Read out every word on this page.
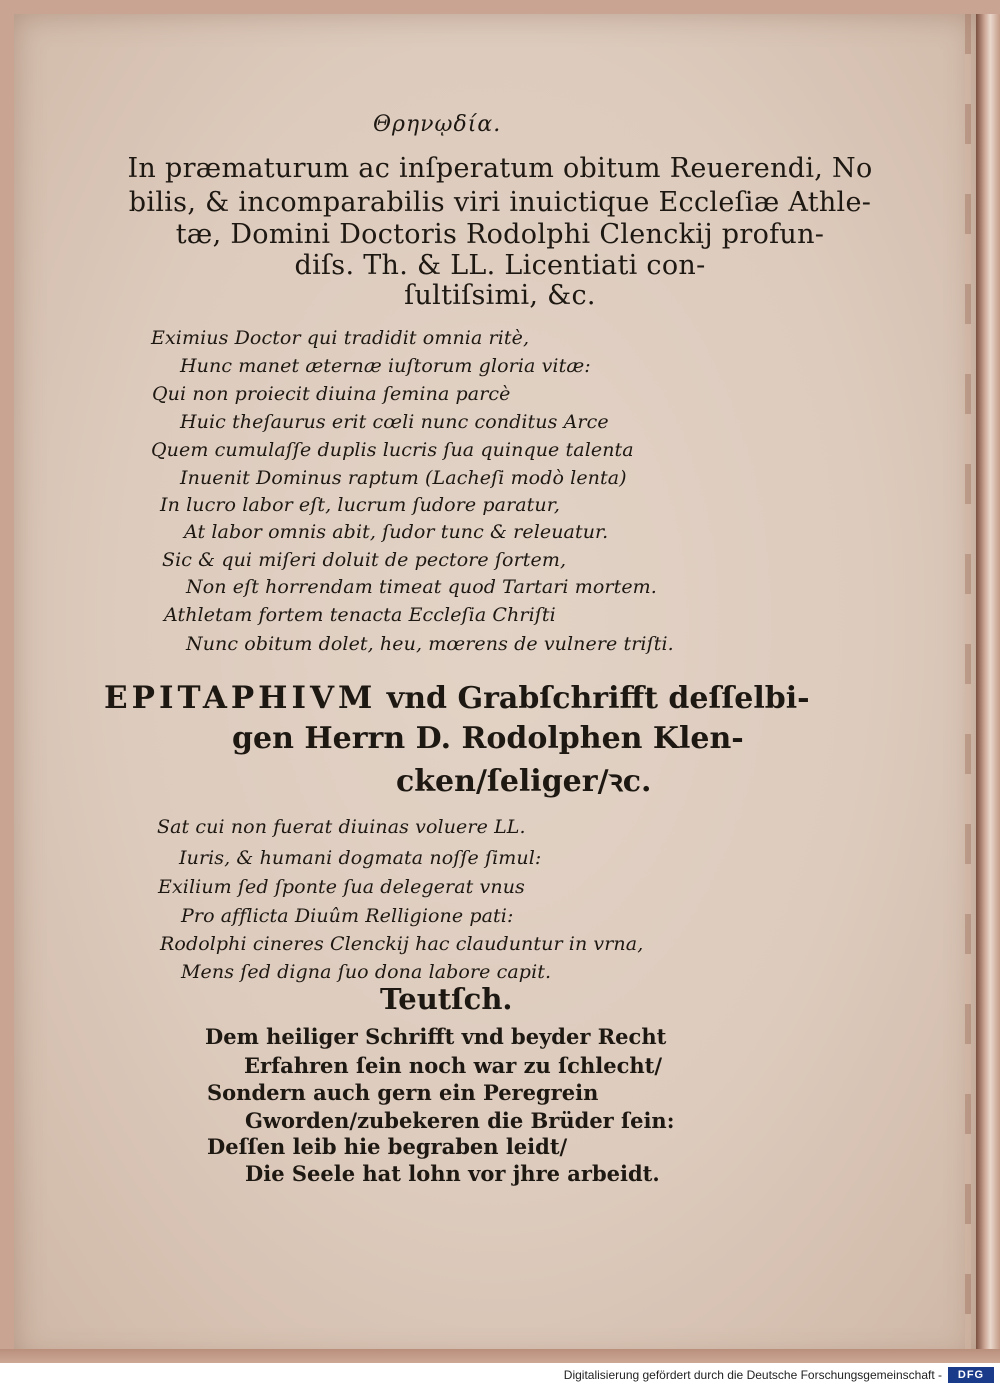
Θρηνῳδία.
In præmaturum ac inſperatum obitum Reuerendi, No
bilis, & incomparabilis viri inuictique Eccleſiæ Athle-
tæ, Domini Doctoris Rodolphi Clenckij profun-
diſs. Th. & LL. Licentiati con-
ſultiſsimi, &c.
Eximius Doctor qui tradidit omnia ritè,
Hunc manet æternæ iuſtorum gloria vitæ:
Qui non proiecit diuina ſemina parcè
Huic theſaurus erit cœli nunc conditus Arce
Quem cumulaſſe duplis lucris ſua quinque talenta
Inuenit Dominus raptum (Lacheſi modò lenta)
In lucro labor eſt, lucrum ſudore paratur,
At labor omnis abit, ſudor tunc & releuatur.
Sic & qui miſeri doluit de pectore ſortem,
Non eſt horrendam timeat quod Tartari mortem.
Athletam fortem tenacta Eccleſia Chriſti
Nunc obitum dolet, heu, mœrens de vulnere triſti.
EPITAPHIVM vnd Grabſchrifft deſſelbi-
gen Herrn D. Rodolphen Klen-
cken/ſeliger/ꝛc.
Sat cui non fuerat diuinas voluere LL.
Iuris, & humani dogmata noſſe ſimul:
Exilium ſed ſponte ſua delegerat vnus
Pro afflicta Diuûm Relligione pati:
Rodolphi cineres Clenckij hac clauduntur in vrna,
Mens ſed digna ſuo dona labore capit.
Teutſch.
Dem heiliger Schrifft vnd beyder Recht
Erfahren ſein noch war zu ſchlecht/
Sondern auch gern ein Peregrein
Gworden/zubekeren die Brüder ſein:
Deſſen leib hie begraben leidt/
Die Seele hat lohn vor jhre arbeidt.
Digitalisierung gefördert durch die Deutsche Forschungsgemeinschaft -	DFG
